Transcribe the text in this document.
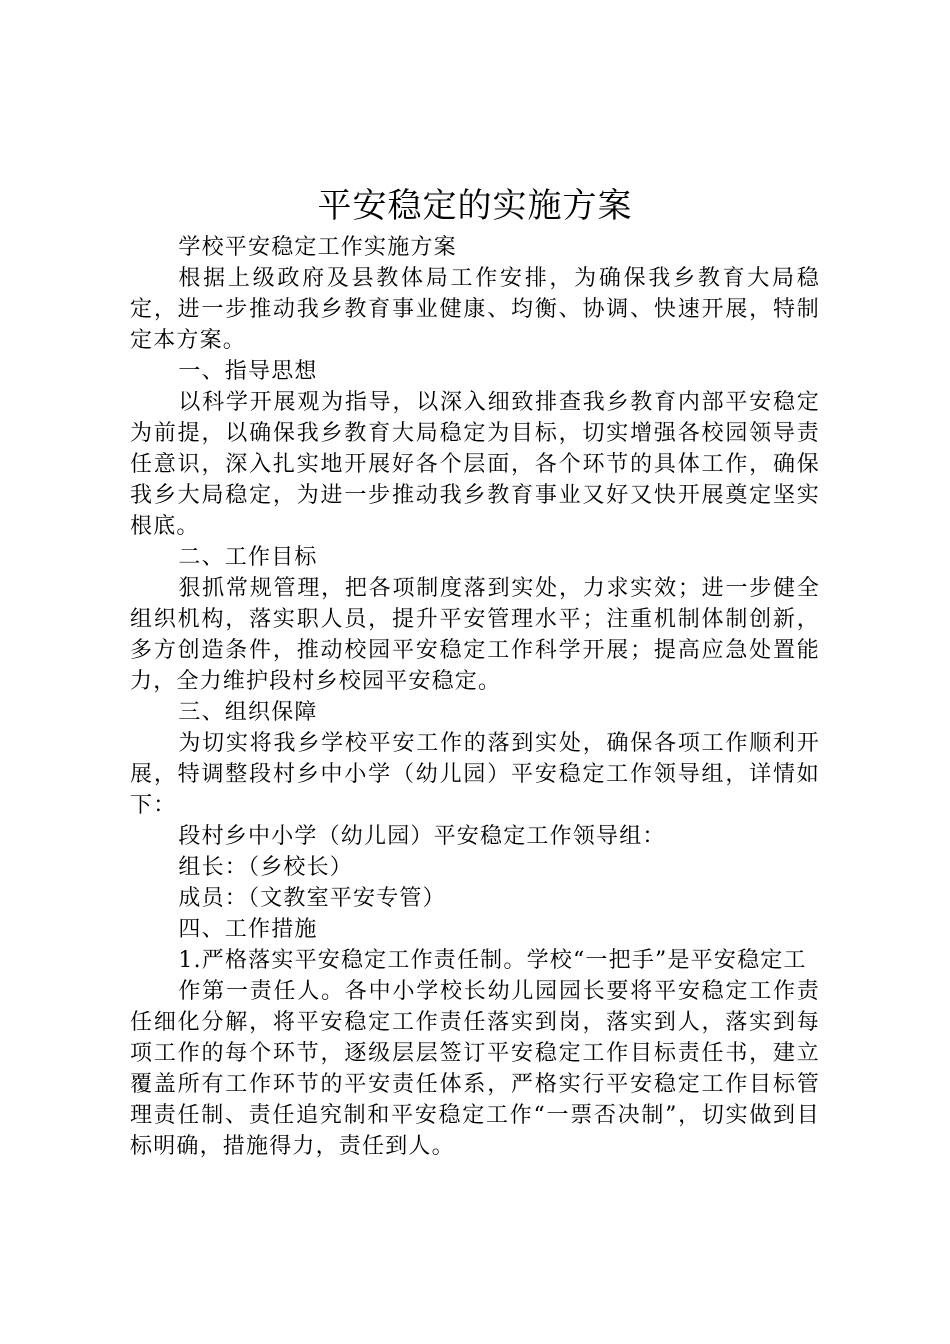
平安稳定的实施方案

学校平安稳定工作实施方案

根据上级政府及县教体局工作安排，为确保我乡教育大局稳定，进一步推动我乡教育事业健康、均衡、协调、快速开展，特制定本方案。

一、指导思想

以科学开展观为指导，以深入细致排查我乡教育内部平安稳定为前提，以确保我乡教育大局稳定为目标，切实增强各校园领导责任意识，深入扎实地开展好各个层面，各个环节的具体工作，确保我乡大局稳定，为进一步推动我乡教育事业又好又快开展奠定坚实根底。

二、工作目标

狠抓常规管理，把各项制度落到实处，力求实效；进一步健全组织机构，落实职人员，提升平安管理水平；注重机制体制创新，多方创造条件，推动校园平安稳定工作科学开展；提高应急处置能力，全力维护段村乡校园平安稳定。

三、组织保障

为切实将我乡学校平安工作的落到实处，确保各项工作顺利开展，特调整段村乡中小学（幼儿园）平安稳定工作领导组，详情如下：

段村乡中小学（幼儿园）平安稳定工作领导组：

组长：（乡校长）

成员：（文教室平安专管）

四、工作措施

1.严格落实平安稳定工作责任制。学校“一把手”是平安稳定工

作第一责任人。各中小学校长幼儿园园长要将平安稳定工作责任细化分解，将平安稳定工作责任落实到岗，落实到人，落实到每项工作的每个环节，逐级层层签订平安稳定工作目标责任书，建立覆盖所有工作环节的平安责任体系，严格实行平安稳定工作目标管理责任制、责任追究制和平安稳定工作“一票否决制”，切实做到目标明确，措施得力，责任到人。
